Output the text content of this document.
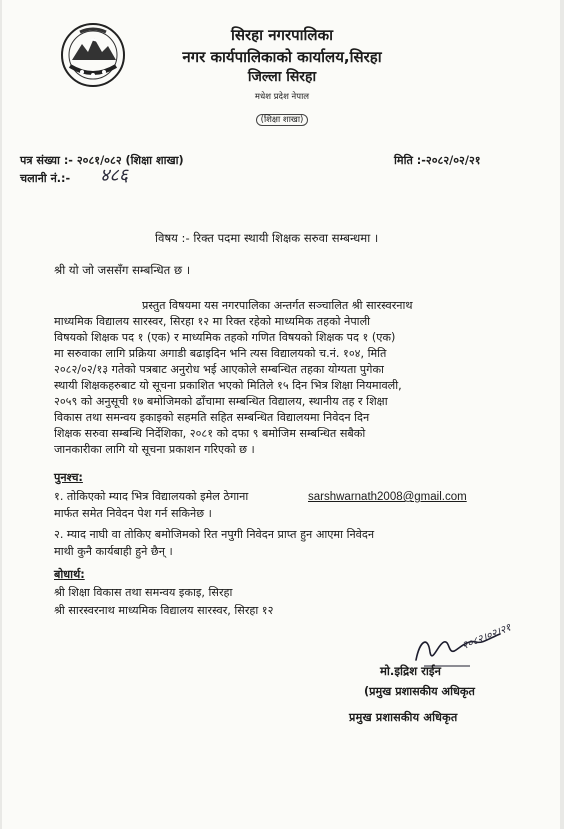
सिरहा नगरपालिका
नगर कार्यपालिकाको कार्यालय,सिरहा
जिल्ला सिरहा
मधेश प्रदेश नेपाल
(शिक्षा शाखा)
पत्र संख्या :- २०८१/०८२ (शिक्षा शाखा)
चलानी नं.:- ४८६
मिति :-२०८२/०२/२१
विषय :- रिक्त पदमा स्थायी शिक्षक सरुवा सम्बन्धमा ।
श्री यो जो जससँग सम्बन्धित छ ।
प्रस्तुत विषयमा यस नगरपालिका अन्तर्गत सञ्चालित श्री सारस्वरनाथ
माध्यमिक विद्यालय सारस्वर, सिरहा १२ मा रिक्त रहेको माध्यमिक तहको नेपाली
विषयको शिक्षक पद १ (एक) र माध्यमिक तहको गणित विषयको शिक्षक पद १ (एक)
मा सरुवाका लागि प्रक्रिया अगाडी बढाइदिन भनि त्यस विद्यालयको च.नं. १०४, मिति
२०८२/०२/१३ गतेको पत्रबाट अनुरोध भई आएकोले सम्बन्धित तहका योग्यता पुगेका
स्थायी शिक्षकहरुबाट यो सूचना प्रकाशित भएको मितिले १५ दिन भित्र शिक्षा नियमावली,
२०५९ को अनुसूची १७ बमोजिमको ढाँचामा सम्बन्धित विद्यालय, स्थानीय तह र शिक्षा
विकास तथा समन्वय इकाइको सहमति सहित सम्बन्धित विद्यालयमा निवेदन दिन
शिक्षक सरुवा सम्बन्धि निर्देशिका, २०८१ को दफा ९ बमोजिम सम्बन्धित सबैको
जानकारीका लागि यो सूचना प्रकाशन गरिएको छ ।
पुनश्च:
१. तोकिएको म्याद भित्र विद्यालयको इमेल ठेगाना	sarshwarnath2008@gmail.com
मार्फत समेत निवेदन पेश गर्न सकिनेछ ।
२. म्याद नाघी वा तोकिए बमोजिमको रित नपुगी निवेदन प्राप्त हुन आएमा निवेदन
माथी कुनै कार्यबाही हुने छैन् ।
बोधार्थ:
श्री शिक्षा विकास तथा समन्वय इकाइ, सिरहा
श्री सारस्वरनाथ माध्यमिक विद्यालय सारस्वर, सिरहा १२
२०८२।०२।२१
मो.इद्रिश राईन
(प्रमुख प्रशासकीय अधिकृत
प्रमुख प्रशासकीय अधिकृत
